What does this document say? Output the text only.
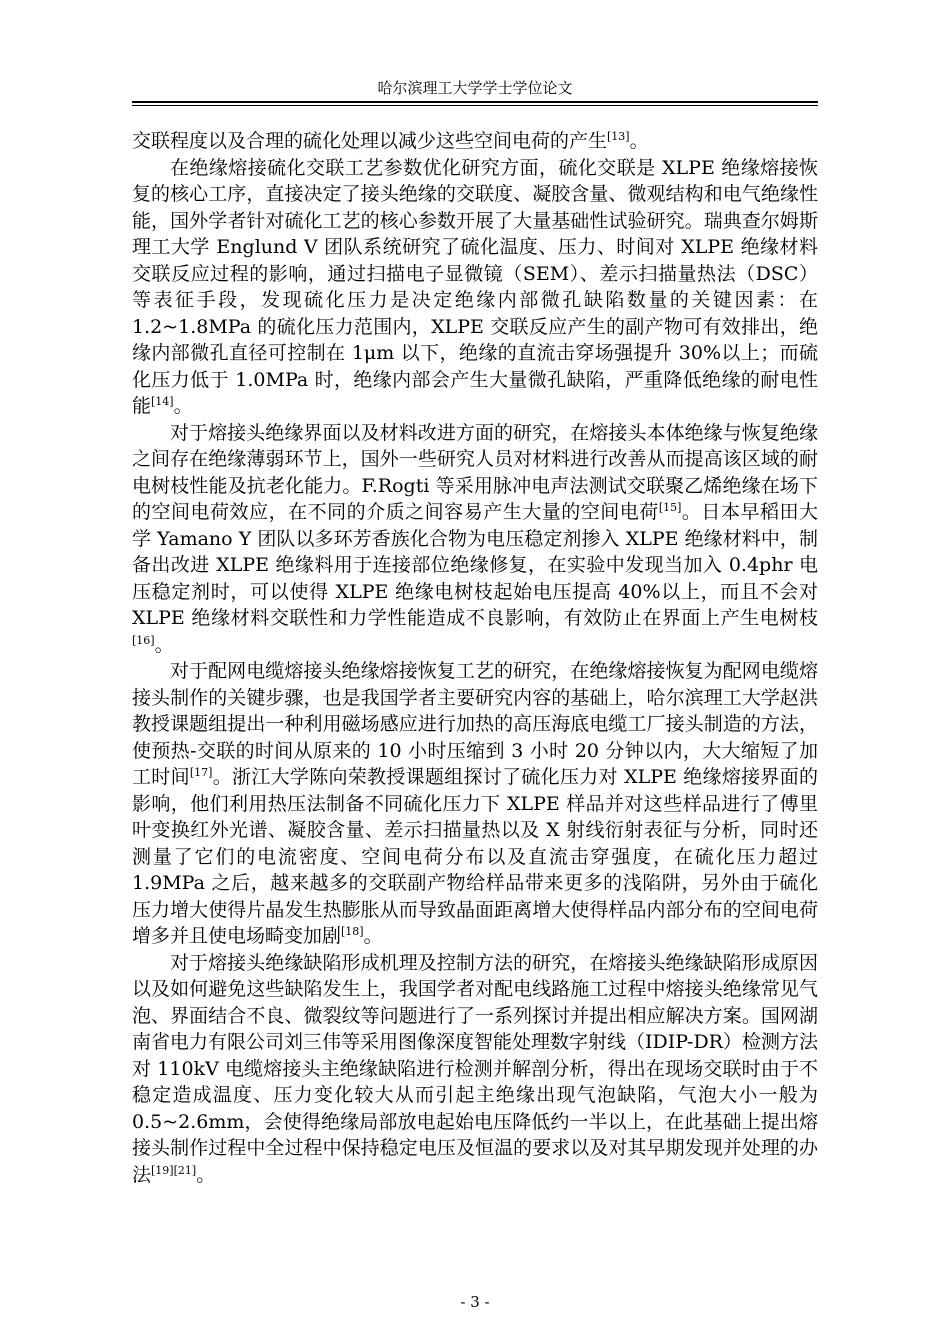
哈尔滨理工大学学士学位论文

交联程度以及合理的硫化处理以减少这些空间电荷的产生[13]。

在绝缘熔接硫化交联工艺参数优化研究方面，硫化交联是 XLPE 绝缘熔接恢复的核心工序，直接决定了接头绝缘的交联度、凝胶含量、微观结构和电气绝缘性能，国外学者针对硫化工艺的核心参数开展了大量基础性试验研究。瑞典查尔姆斯理工大学 Englund V 团队系统研究了硫化温度、压力、时间对 XLPE 绝缘材料交联反应过程的影响，通过扫描电子显微镜（SEM）、差示扫描量热法（DSC）等表征手段，发现硫化压力是决定绝缘内部微孔缺陷数量的关键因素：在 1.2~1.8MPa 的硫化压力范围内，XLPE 交联反应产生的副产物可有效排出，绝缘内部微孔直径可控制在 1μm 以下，绝缘的直流击穿场强提升 30%以上；而硫化压力低于 1.0MPa 时，绝缘内部会产生大量微孔缺陷，严重降低绝缘的耐电性能[14]。

对于熔接头绝缘界面以及材料改进方面的研究，在熔接头本体绝缘与恢复绝缘之间存在绝缘薄弱环节上，国外一些研究人员对材料进行改善从而提高该区域的耐电树枝性能及抗老化能力。F.Rogti 等采用脉冲电声法测试交联聚乙烯绝缘在场下的空间电荷效应，在不同的介质之间容易产生大量的空间电荷[15]。日本早稻田大学 Yamano Y 团队以多环芳香族化合物为电压稳定剂掺入 XLPE 绝缘材料中，制备出改进 XLPE 绝缘料用于连接部位绝缘修复，在实验中发现当加入 0.4phr 电压稳定剂时，可以使得 XLPE 绝缘电树枝起始电压提高 40%以上，而且不会对 XLPE 绝缘材料交联性和力学性能造成不良影响，有效防止在界面上产生电树枝[16]。

对于配网电缆熔接头绝缘熔接恢复工艺的研究，在绝缘熔接恢复为配网电缆熔接头制作的关键步骤，也是我国学者主要研究内容的基础上，哈尔滨理工大学赵洪教授课题组提出一种利用磁场感应进行加热的高压海底电缆工厂接头制造的方法，使预热-交联的时间从原来的 10 小时压缩到 3 小时 20 分钟以内，大大缩短了加工时间[17]。浙江大学陈向荣教授课题组探讨了硫化压力对 XLPE 绝缘熔接界面的影响，他们利用热压法制备不同硫化压力下 XLPE 样品并对这些样品进行了傅里叶变换红外光谱、凝胶含量、差示扫描量热以及 X 射线衍射表征与分析，同时还测量了它们的电流密度、空间电荷分布以及直流击穿强度，在硫化压力超过 1.9MPa 之后，越来越多的交联副产物给样品带来更多的浅陷阱，另外由于硫化压力增大使得片晶发生热膨胀从而导致晶面距离增大使得样品内部分布的空间电荷增多并且使电场畸变加剧[18]。

对于熔接头绝缘缺陷形成机理及控制方法的研究，在熔接头绝缘缺陷形成原因以及如何避免这些缺陷发生上，我国学者对配电线路施工过程中熔接头绝缘常见气泡、界面结合不良、微裂纹等问题进行了一系列探讨并提出相应解决方案。国网湖南省电力有限公司刘三伟等采用图像深度智能处理数字射线（IDIP-DR）检测方法对 110kV 电缆熔接头主绝缘缺陷进行检测并解剖分析，得出在现场交联时由于不稳定造成温度、压力变化较大从而引起主绝缘出现气泡缺陷，气泡大小一般为 0.5~2.6mm，会使得绝缘局部放电起始电压降低约一半以上，在此基础上提出熔接头制作过程中全过程中保持稳定电压及恒温的要求以及对其早期发现并处理的办法[19][21]。

- 3 -
